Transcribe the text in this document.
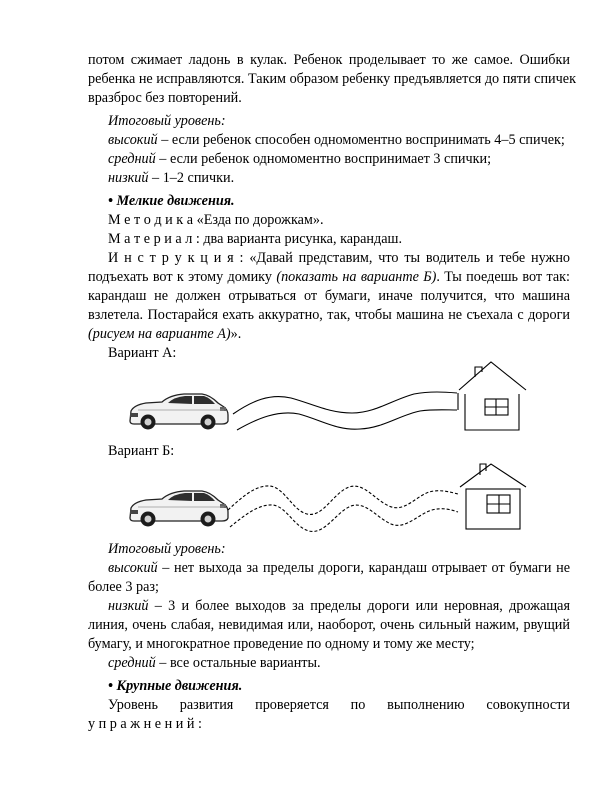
потом сжимает ладонь в кулак. Ребенок проделывает то же самое. Ошибки
ребенка не исправляются. Таким образом ребенку предъявляется до пяти спичек
вразброс без повторений.
Итоговый уровень:
высокий – если ребенок способен одномоментно воспринимать 4–5 спичек;
средний – если ребенок одномоментно воспринимает 3 спички;
низкий – 1–2 спички.
• Мелкие движения.
М е т о д и к а «Езда по дорожкам».
М а т е р и а л : два варианта рисунка, карандаш.
И н с т р у к ц и я : «Давай представим, что ты водитель и тебе нужно
подъехать вот к этому домику (показать на варианте Б). Ты поедешь вот так:
карандаш не должен отрываться от бумаги, иначе получится, что машина
взлетела. Постарайся ехать аккуратно, так, чтобы машина не съехала с дороги
(рисуем на варианте А)».
Вариант А:
Вариант Б:
Итоговый уровень:
высокий – нет выхода за пределы дороги, карандаш отрывает от бумаги не
более 3 раз;
низкий – 3 и более выходов за пределы дороги или неровная, дрожащая
линия, очень слабая, невидимая или, наоборот, очень сильный нажим, рвущий
бумагу, и многократное проведение по одному и тому же месту;
средний – все остальные варианты.
• Крупные движения.
Уровень развития проверяется по выполнению совокупности
у п р а ж н е н и й :
